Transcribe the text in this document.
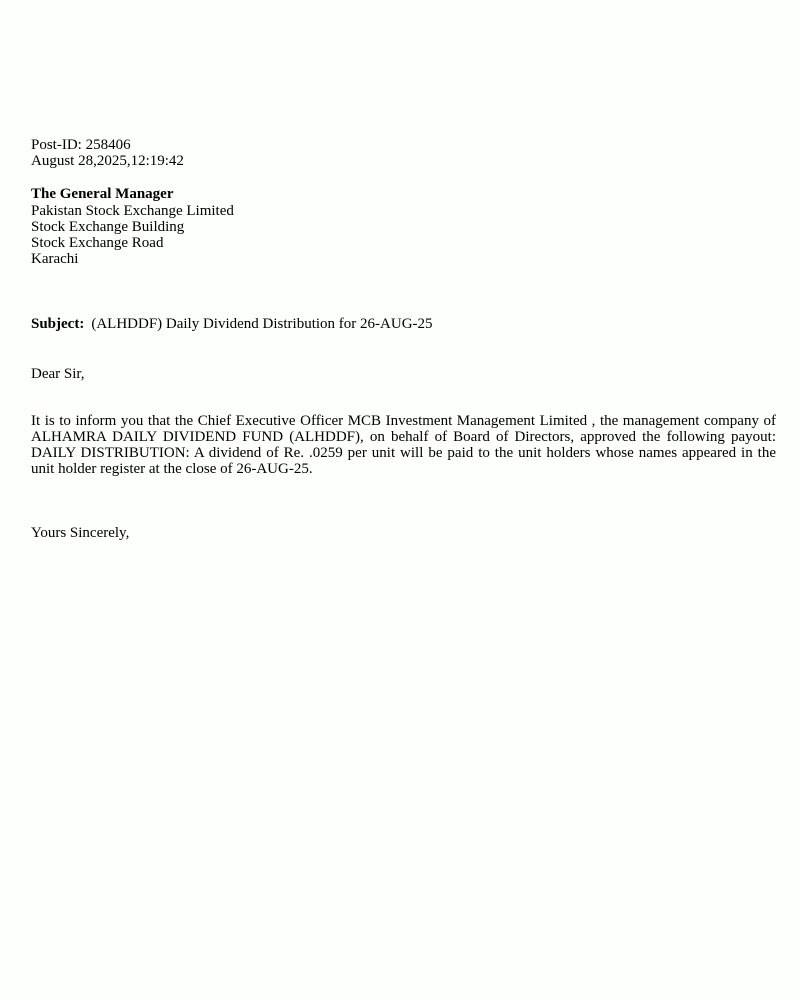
Post-ID: 258406
August 28,2025,12:19:42
The General Manager
Pakistan Stock Exchange Limited
Stock Exchange Building
Stock Exchange Road
Karachi
Subject: (ALHDDF) Daily Dividend Distribution for 26-AUG-25
Dear Sir,

It is to inform you that the Chief Executive Officer MCB Investment Management Limited , the management company of ALHAMRA DAILY DIVIDEND FUND (ALHDDF), on behalf of Board of Directors, approved the following payout: DAILY DISTRIBUTION: A dividend of Re. .0259 per unit will be paid to the unit holders whose names appeared in the unit holder register at the close of 26-AUG-25.

Yours Sincerely,
